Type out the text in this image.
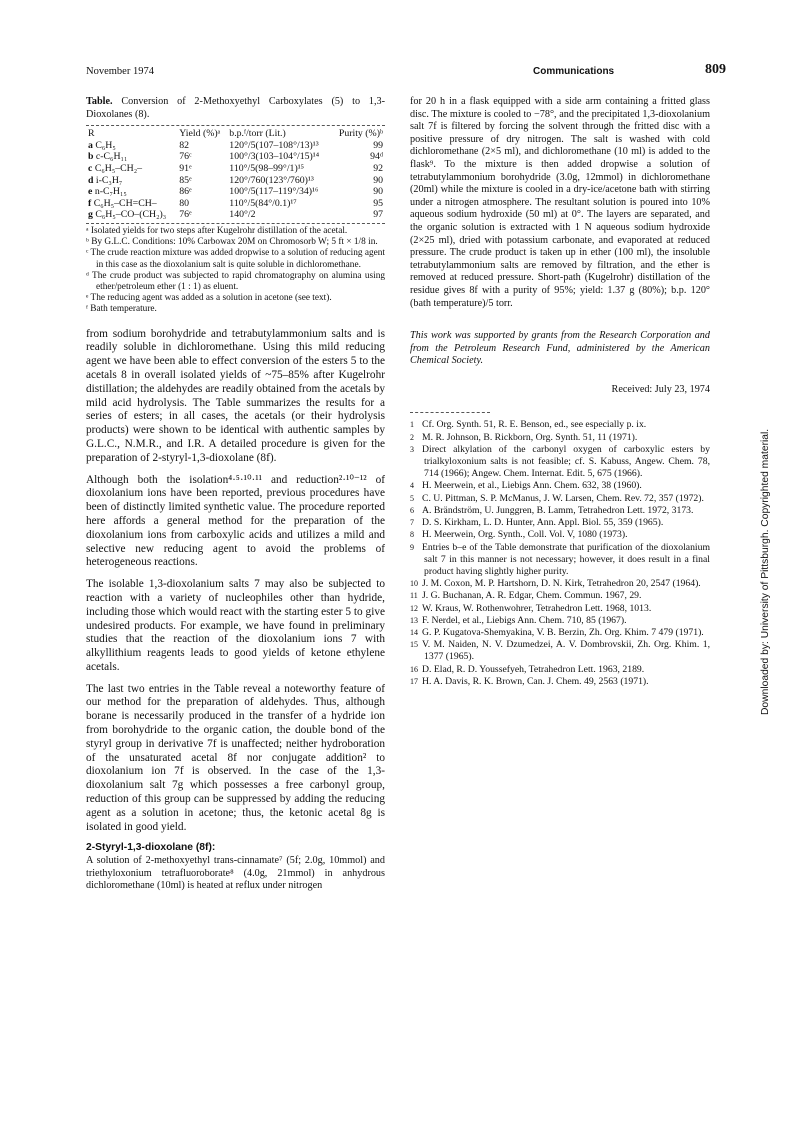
November 1974	Communications	809
Table. Conversion of 2-Methoxyethyl Carboxylates (5) to 1,3-Dioxolanes (8).
R	Yield (%)ᵃ	b.p.ᶠ/torr (Lit.)	Purity (%)ᵇ
a C₆H₅	82	120°/5(107–108°/13)¹³	99
b c-C₆H₁₁	76ᶜ	100°/3(103–104°/15)¹⁴	94ᵈ
c C₆H₅–CH₂–	91ᵉ	110°/5(98–99°/1)¹⁵	92
d i-C₃H₇	85ᵉ	120°/760(123°/760)¹³	90
e n-C₇H₁₅	86ᵉ	100°/5(117–119°/34)¹⁶	90
f C₆H₅–CH=CH–	80	110°/5(84°/0.1)¹⁷	95
g C₆H₅–CO–(CH₂)₃	76ᵉ	140°/2	97

ᵃ Isolated yields for two steps after Kugelrohr distillation of the acetal.

ᵇ By G.L.C. Conditions: 10% Carbowax 20M on Chromosorb W; 5 ft × 1/8 in.

ᶜ The crude reaction mixture was added dropwise to a solution of reducing agent in this case as the dioxolanium salt is quite soluble in dichloromethane.

ᵈ The crude product was subjected to rapid chromatography on alumina using ether/petroleum ether (1 : 1) as eluent.

ᵉ The reducing agent was added as a solution in acetone (see text).

ᶠ Bath temperature.

from sodium borohydride and tetrabutylammonium salts and is readily soluble in dichloromethane. Using this mild reducing agent we have been able to effect conversion of the esters 5 to the acetals 8 in overall isolated yields of ~75–85% after Kugelrohr distillation; the aldehydes are readily obtained from the acetals by mild acid hydrolysis. The Table summarizes the results for a series of esters; in all cases, the acetals (or their hydrolysis products) were shown to be identical with authentic samples by G.L.C., N.M.R., and I.R. A detailed procedure is given for the preparation of 2-styryl-1,3-dioxolane (8f).

Although both the isolation⁴·⁵·¹⁰·¹¹ and reduction²·¹⁰⁻¹² of dioxolanium ions have been reported, previous procedures have been of distinctly limited synthetic value. The procedure reported here affords a general method for the preparation of the dioxolanium ions from carboxylic acids and utilizes a mild and selective new reducing agent to avoid the problems of heterogeneous reactions.

The isolable 1,3-dioxolanium salts 7 may also be subjected to reaction with a variety of nucleophiles other than hydride, including those which would react with the starting ester 5 to give undesired products. For example, we have found in preliminary studies that the reaction of the dioxolanium ions 7 with alkyllithium reagents leads to good yields of ketone ethylene acetals.

The last two entries in the Table reveal a noteworthy feature of our method for the preparation of aldehydes. Thus, although borane is necessarily produced in the transfer of a hydride ion from borohydride to the organic cation, the double bond of the styryl group in derivative 7f is unaffected; neither hydroboration of the unsaturated acetal 8f nor conjugate addition² to dioxolanium ion 7f is observed. In the case of the 1,3-dioxolanium salt 7g which possesses a free carbonyl group, reduction of this group can be suppressed by adding the reducing agent as a solution in acetone; thus, the ketonic acetal 8g is isolated in good yield.

2-Styryl-1,3-dioxolane (8f):
A solution of 2-methoxyethyl trans-cinnamate⁷ (5f; 2.0g, 10mmol) and triethyloxonium tetrafluoroborate⁸ (4.0g, 21mmol) in anhydrous dichloromethane (10ml) is heated at reflux under nitrogen

for 20 h in a flask equipped with a side arm containing a fritted glass disc. The mixture is cooled to −78°, and the precipitated 1,3-dioxolanium salt 7f is filtered by forcing the solvent through the fritted disc with a positive pressure of dry nitrogen. The salt is washed with cold dichloromethane (2×5 ml), and dichloromethane (10 ml) is added to the flask⁹. To the mixture is then added dropwise a solution of tetrabutylammonium borohydride (3.0g, 12mmol) in dichloromethane (20ml) while the mixture is cooled in a dry-ice/acetone bath with stirring under a nitrogen atmosphere. The resultant solution is poured into 10% aqueous sodium hydroxide (50 ml) at 0°. The layers are separated, and the organic solution is extracted with 1 N aqueous sodium hydroxide (2×25 ml), dried with potassium carbonate, and evaporated at reduced pressure. The crude product is taken up in ether (100 ml), the insoluble tetrabutylammonium salts are removed by filtration, and the ether is removed at reduced pressure. Short-path (Kugelrohr) distillation of the residue gives 8f with a purity of 95%; yield: 1.37 g (80%); b.p. 120° (bath temperature)/5 torr.

This work was supported by grants from the Research Corporation and from the Petroleum Research Fund, administered by the American Chemical Society.

Received: July 23, 1974

1 Cf. Org. Synth. 51, R. E. Benson, ed., see especially p. ix.

2 M. R. Johnson, B. Rickborn, Org. Synth. 51, 11 (1971).

3 Direct alkylation of the carbonyl oxygen of carboxylic esters by trialkyloxonium salts is not feasible; cf. S. Kabuss, Angew. Chem. 78, 714 (1966); Angew. Chem. Internat. Edit. 5, 675 (1966).

4 H. Meerwein, et al., Liebigs Ann. Chem. 632, 38 (1960).

5 C. U. Pittman, S. P. McManus, J. W. Larsen, Chem. Rev. 72, 357 (1972).

6 A. Brändström, U. Junggren, B. Lamm, Tetrahedron Lett. 1972, 3173.

7 D. S. Kirkham, L. D. Hunter, Ann. Appl. Biol. 55, 359 (1965).

8 H. Meerwein, Org. Synth., Coll. Vol. V, 1080 (1973).

9 Entries b–e of the Table demonstrate that purification of the dioxolanium salt 7 in this manner is not necessary; however, it does result in a final product having slightly higher purity.

10 J. M. Coxon, M. P. Hartshorn, D. N. Kirk, Tetrahedron 20, 2547 (1964).

11 J. G. Buchanan, A. R. Edgar, Chem. Commun. 1967, 29.

12 W. Kraus, W. Rothenwohrer, Tetrahedron Lett. 1968, 1013.

13 F. Nerdel, et al., Liebigs Ann. Chem. 710, 85 (1967).

14 G. P. Kugatova-Shemyakina, V. B. Berzin, Zh. Org. Khim. 7 479 (1971).

15 V. M. Naiden, N. V. Dzumedzei, A. V. Dombrovskii, Zh. Org. Khim. 1, 1377 (1965).

16 D. Elad, R. D. Youssefyeh, Tetrahedron Lett. 1963, 2189.

17 H. A. Davis, R. K. Brown, Can. J. Chem. 49, 2563 (1971).	Downloaded by: University of Pittsburgh. Copyrighted material.
